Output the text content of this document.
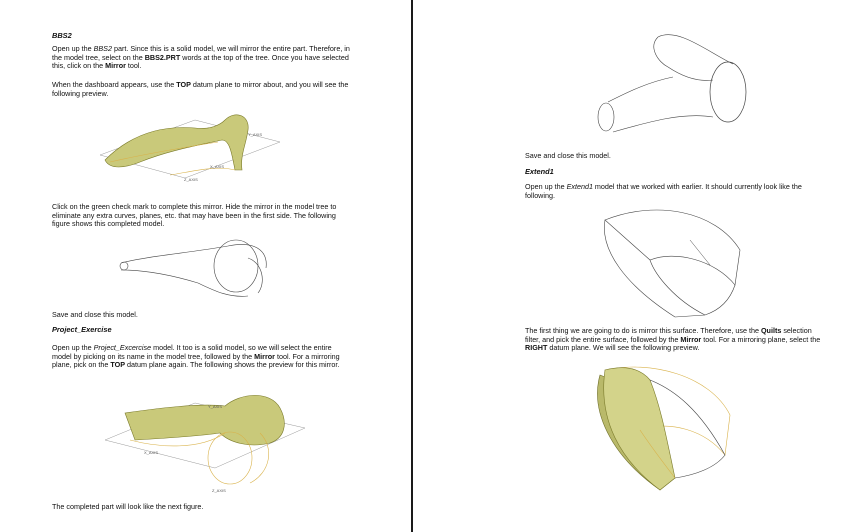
BBS2

Open up the BBS2 part. Since this is a solid model, we will mirror the entire part. Therefore, in the model tree, select on the BBS2.PRT words at the top of the tree. Once you have selected this, click on the Mirror tool.

When the dashboard appears, use the TOP datum plane to mirror about, and you will see the following preview.

Click on the green check mark to complete this mirror. Hide the mirror in the model tree to eliminate any extra curves, planes, etc. that may have been in the first side. The following figure shows this completed model.

Save and close this model.

Project_Exercise

Open up the Project_Excercise model. It too is a solid model, so we will select the entire model by picking on its name in the model tree, followed by the Mirror tool. For a mirroring plane, pick on the TOP datum plane again. The following shows the preview for this mirror.

The completed part will look like the next figure.

Save and close this model.

Extend1

Open up the Extend1 model that we worked with earlier. It should currently look like the following.

The first thing we are going to do is mirror this surface. Therefore, use the Quilts selection filter, and pick the entire surface, followed by the Mirror tool. For a mirroring plane, select the RIGHT datum plane. We will see the following preview.

Y_AXIS
X_AXIS
Z_AXIS
Y_AXIS
X_AXIS
Z_AXIS
